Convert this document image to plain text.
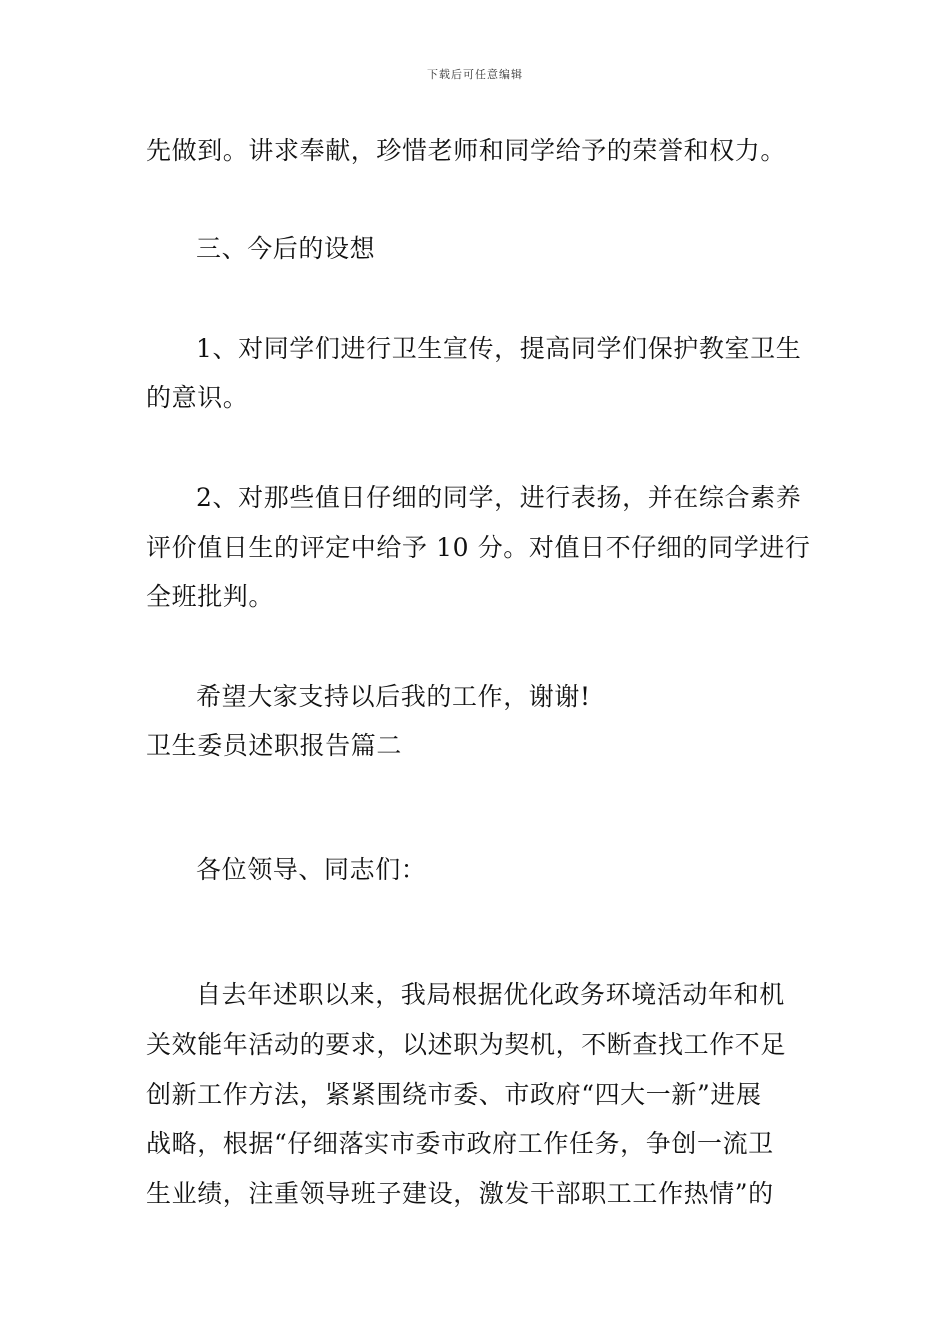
下载后可任意编辑
先做到。讲求奉献，珍惜老师和同学给予的荣誉和权力。
三、今后的设想
1、对同学们进行卫生宣传，提高同学们保护教室卫生
的意识。
2、对那些值日仔细的同学，进行表扬，并在综合素养
评价值日生的评定中给予 10 分。对值日不仔细的同学进行
全班批判。
希望大家支持以后我的工作，谢谢!
卫生委员述职报告篇二
各位领导、同志们：
自去年述职以来，我局根据优化政务环境活动年和机
关效能年活动的要求，以述职为契机，不断查找工作不足
创新工作方法，紧紧围绕市委、市政府“四大一新”进展
战略，根据“仔细落实市委市政府工作任务，争创一流卫
生业绩，注重领导班子建设，激发干部职工工作热情”的
